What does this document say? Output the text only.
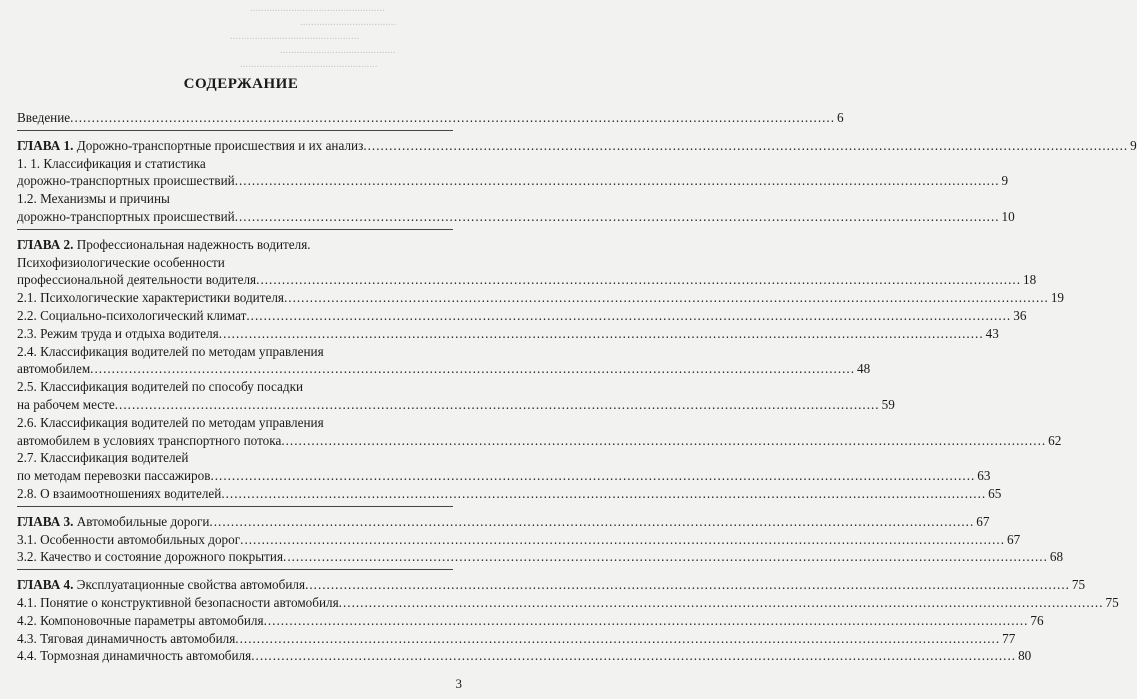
.................................................
...................................
...............................................
..........................................
..................................................
СОДЕРЖАНИЕ
Введение .....	6
ГЛАВА 1. Дорожно-транспортные происшествия и их анализ .....	9
1. 1. Классификация и статистика
дорожно-транспортных происшествий .....	9
1.2. Механизмы и причины
дорожно-транспортных происшествий .....	10
ГЛАВА 2. Профессиональная надежность водителя.
Психофизиологические особенности
профессиональной деятельности водителя .....	18
2.1. Психологические характеристики водителя .....	19
2.2. Социально-психологический климат .....	36
2.3. Режим труда и отдыха водителя .....	43
2.4. Классификация водителей по методам управления
автомобилем .....	48
2.5. Классификация водителей по способу посадки
на рабочем месте .....	59
2.6. Классификация водителей по методам управления
автомобилем в условиях транспортного потока .....	62
2.7. Классификация водителей
по методам перевозки пассажиров .....	63
2.8. О взаимоотношениях водителей .....	65
ГЛАВА 3. Автомобильные дороги .....	67
3.1. Особенности автомобильных дорог .....	67
3.2. Качество и состояние дорожного покрытия .....	68
ГЛАВА 4. Эксплуатационные свойства автомобиля .....	75
4.1. Понятие о конструктивной безопасности автомобиля .....	75
4.2. Компоновочные параметры автомобиля .....	76
4.3. Тяговая динамичность автомобиля .....	77
4.4. Тормозная динамичность автомобиля .....	80
3
